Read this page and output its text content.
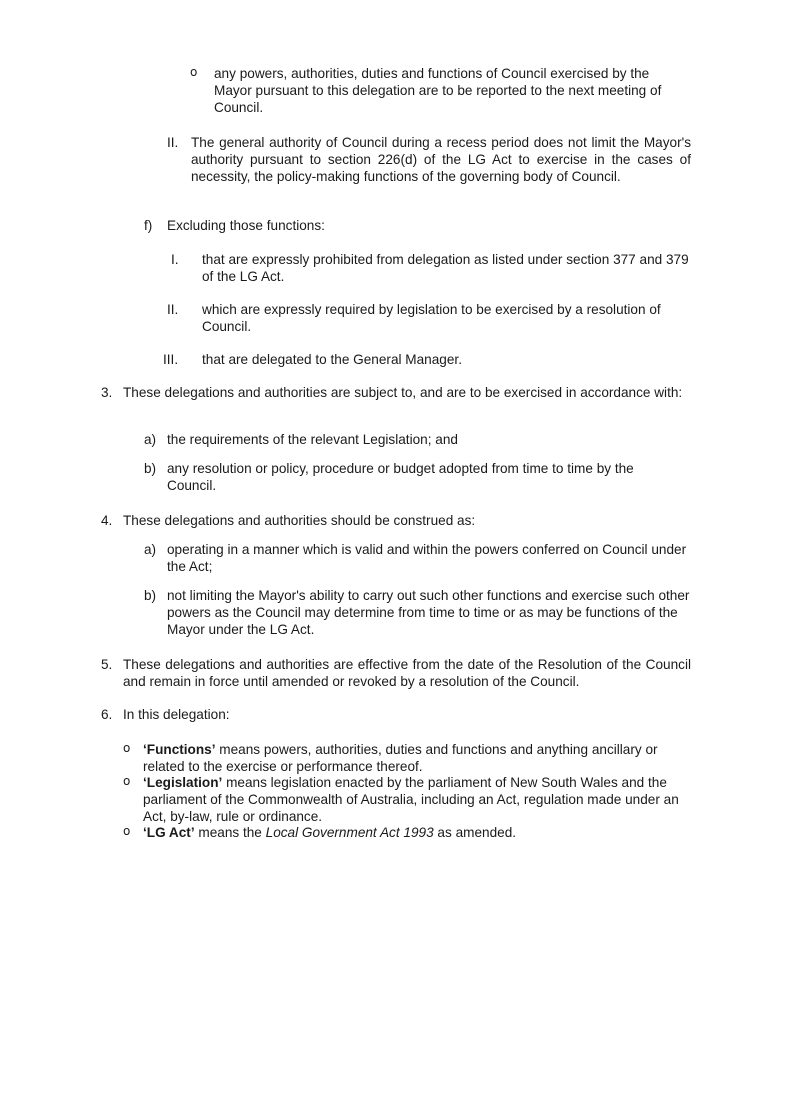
o any powers, authorities, duties and functions of Council exercised by the Mayor pursuant to this delegation are to be reported to the next meeting of Council.

II. The general authority of Council during a recess period does not limit the Mayor's authority pursuant to section 226(d) of the LG Act to exercise in the cases of necessity, the policy-making functions of the governing body of Council.

f) Excluding those functions:

I. that are expressly prohibited from delegation as listed under section 377 and 379 of the LG Act.

II. which are expressly required by legislation to be exercised by a resolution of Council.

III. that are delegated to the General Manager.

3. These delegations and authorities are subject to, and are to be exercised in accordance with:

a) the requirements of the relevant Legislation; and

b) any resolution or policy, procedure or budget adopted from time to time by the Council.

4. These delegations and authorities should be construed as:

a) operating in a manner which is valid and within the powers conferred on Council under the Act;

b) not limiting the Mayor's ability to carry out such other functions and exercise such other powers as the Council may determine from time to time or as may be functions of the Mayor under the LG Act.

5. These delegations and authorities are effective from the date of the Resolution of the Council and remain in force until amended or revoked by a resolution of the Council.

6. In this delegation:

o ‘Functions’ means powers, authorities, duties and functions and anything ancillary or related to the exercise or performance thereof.

o ‘Legislation’ means legislation enacted by the parliament of New South Wales and the parliament of the Commonwealth of Australia, including an Act, regulation made under an Act, by-law, rule or ordinance.

o ‘LG Act’ means the Local Government Act 1993 as amended.
